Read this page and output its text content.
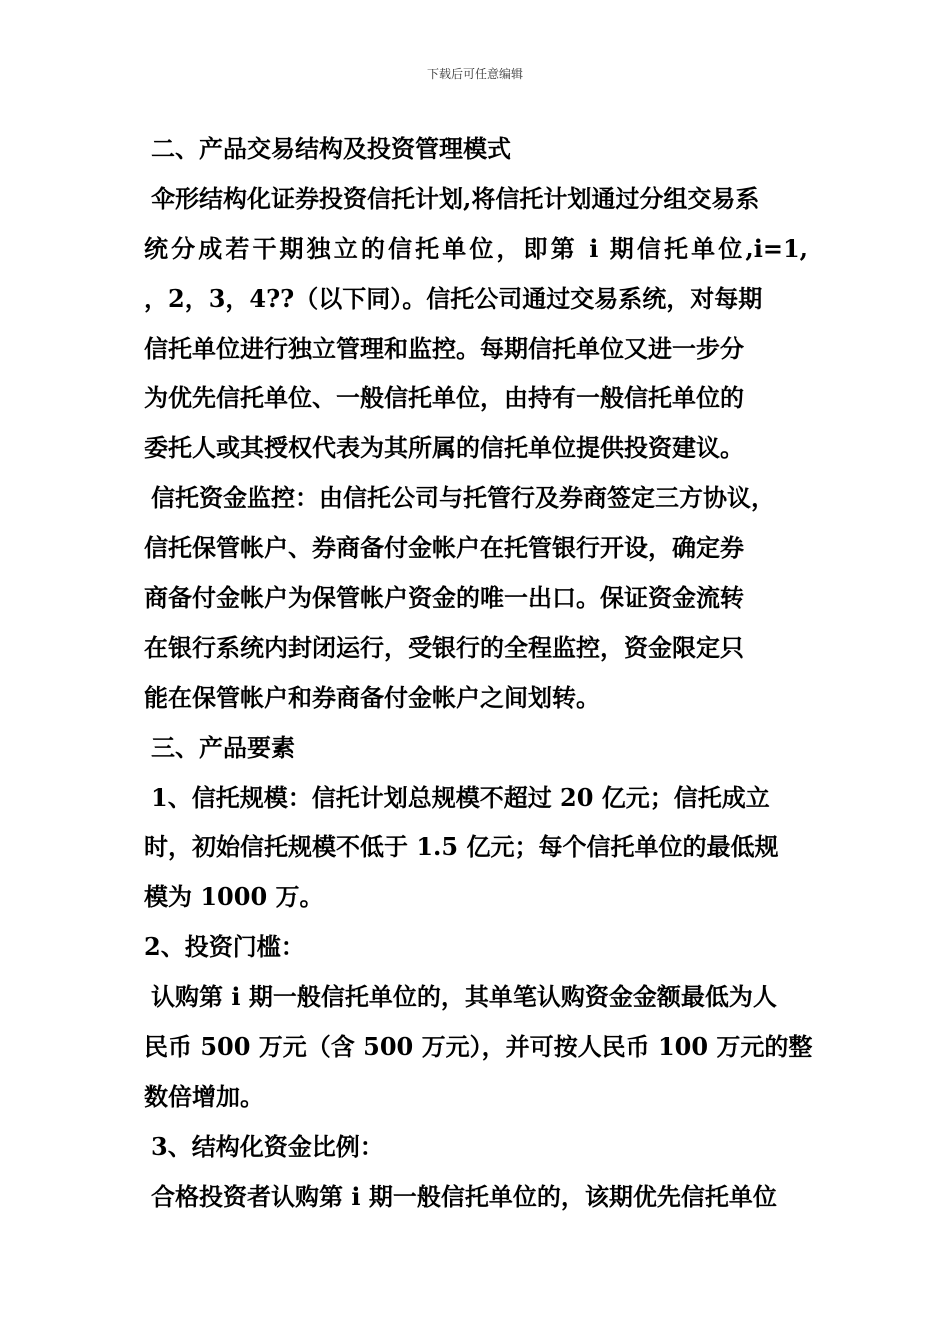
下载后可任意编辑
二、产品交易结构及投资管理模式
伞形结构化证券投资信托计划,将信托计划通过分组交易系
统分成若干期独立的信托单位，即第 i 期信托单位,i=1,
，2，3，4??（以下同）。信托公司通过交易系统，对每期
信托单位进行独立管理和监控。每期信托单位又进一步分
为优先信托单位、一般信托单位，由持有一般信托单位的
委托人或其授权代表为其所属的信托单位提供投资建议。
信托资金监控：由信托公司与托管行及券商签定三方协议，
信托保管帐户、券商备付金帐户在托管银行开设，确定券
商备付金帐户为保管帐户资金的唯一出口。保证资金流转
在银行系统内封闭运行，受银行的全程监控，资金限定只
能在保管帐户和券商备付金帐户之间划转。
三、产品要素
1、信托规模：信托计划总规模不超过 20 亿元；信托成立
时，初始信托规模不低于 1.5 亿元；每个信托单位的最低规
模为 1000 万。
2、投资门槛：
认购第 i 期一般信托单位的，其单笔认购资金金额最低为人
民币 500 万元（含 500 万元），并可按人民币 100 万元的整
数倍增加。
3、结构化资金比例：
合格投资者认购第 i 期一般信托单位的，该期优先信托单位
